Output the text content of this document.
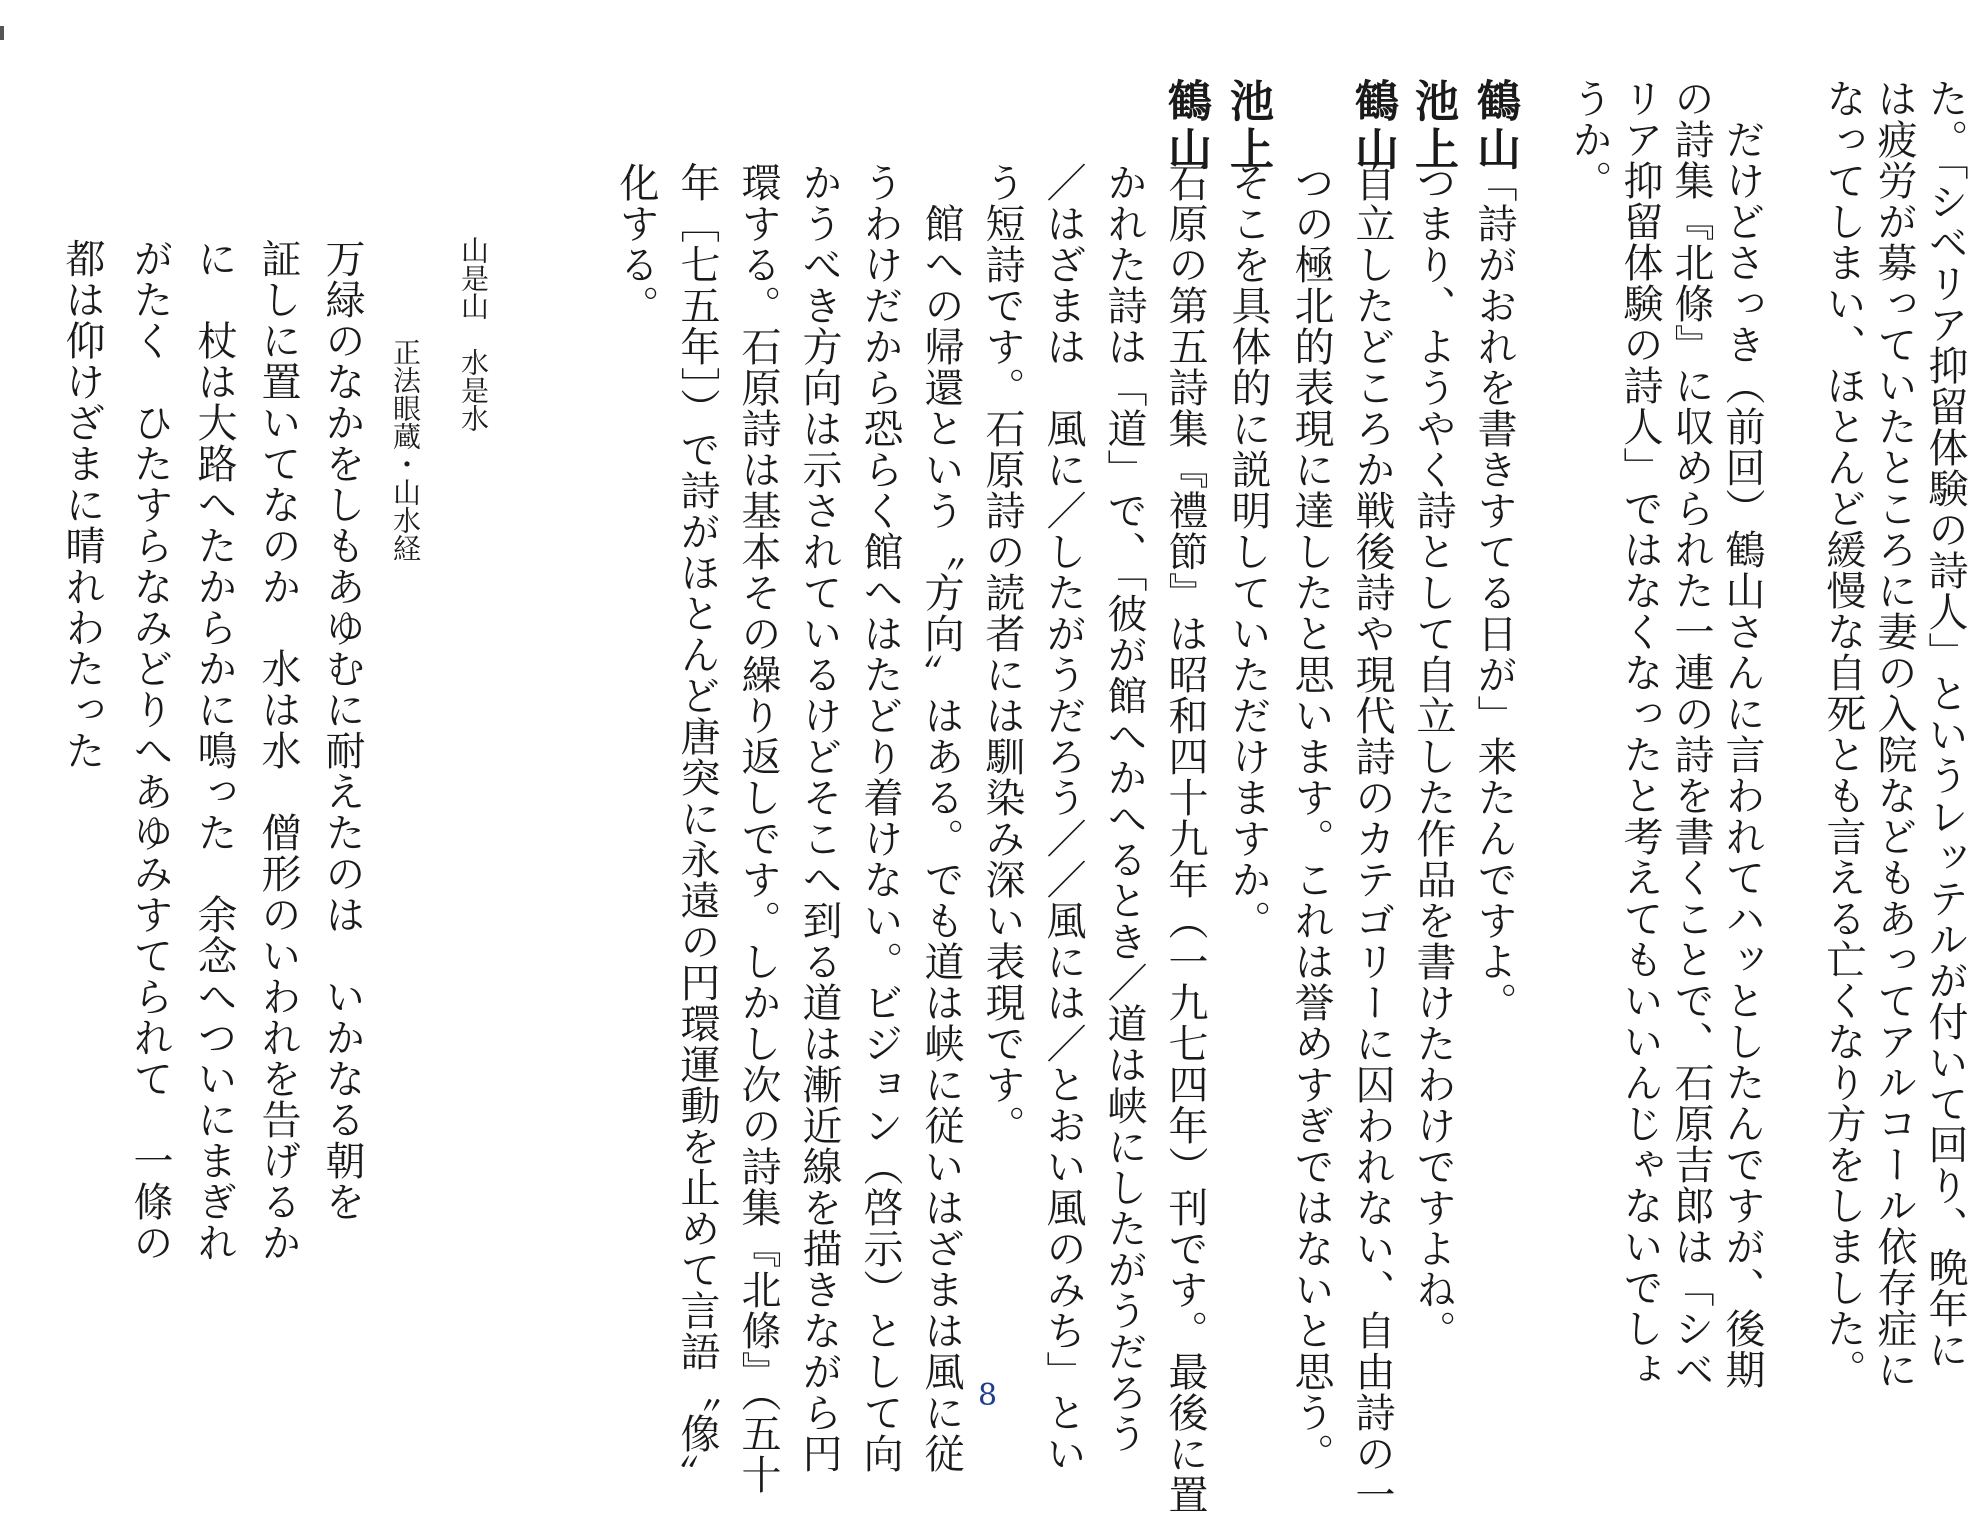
た。「シベリア抑留体験の詩人」というレッテルが付いて回り、晩年に
は疲労が募っていたところに妻の入院などもあってアルコール依存症に
なってしまい、ほとんど緩慢な自死とも言える亡くなり方をしました。
　だけどさっき（前回）鶴山さんに言われてハッとしたんですが、後期
の詩集『北條』に収められた一連の詩を書くことで、石原吉郎は「シベ
リア抑留体験の詩人」ではなくなったと考えてもいいんじゃないでしょ
うか。
鶴山
「詩がおれを書きすてる日が」来たんですよ。
池上
つまり、ようやく詩として自立した作品を書けたわけですよね。
鶴山
自立したどころか戦後詩や現代詩のカテゴリーに囚われない、自由詩の一
つの極北的表現に達したと思います。これは誉めすぎではないと思う。
池上
そこを具体的に説明していただけますか。
鶴山
石原の第五詩集『禮節』は昭和四十九年（一九七四年）刊です。最後に置
かれた詩は「道」で、「彼が館へかへるとき／道は峡にしたがうだろう
／はざまは　風に／したがうだろう／／風には／とおい風のみち」とい
う短詩です。石原詩の読者には馴染み深い表現です。
　館への帰還という〝方向〟はある。でも道は峡に従いはざまは風に従
うわけだから恐らく館へはたどり着けない。ビジョン（啓示）として向
かうべき方向は示されているけどそこへ到る道は漸近線を描きながら円
環する。石原詩は基本その繰り返しです。しかし次の詩集『北條』（五十
年［七五年］）で詩がほとんど唐突に永遠の円環運動を止めて言語〝像〟
化する。
山是山　水是水
正法眼蔵・山水経
万緑のなかをしもあゆむに耐えたのは　いかなる朝を
証しに置いてなのか　水は水　僧形のいわれを告げるか
に　杖は大路へたからかに鳴った　余念へついにまぎれ
がたく　ひたすらなみどりへあゆみすてられて　一條の
都は仰けざまに晴れわたった
8
